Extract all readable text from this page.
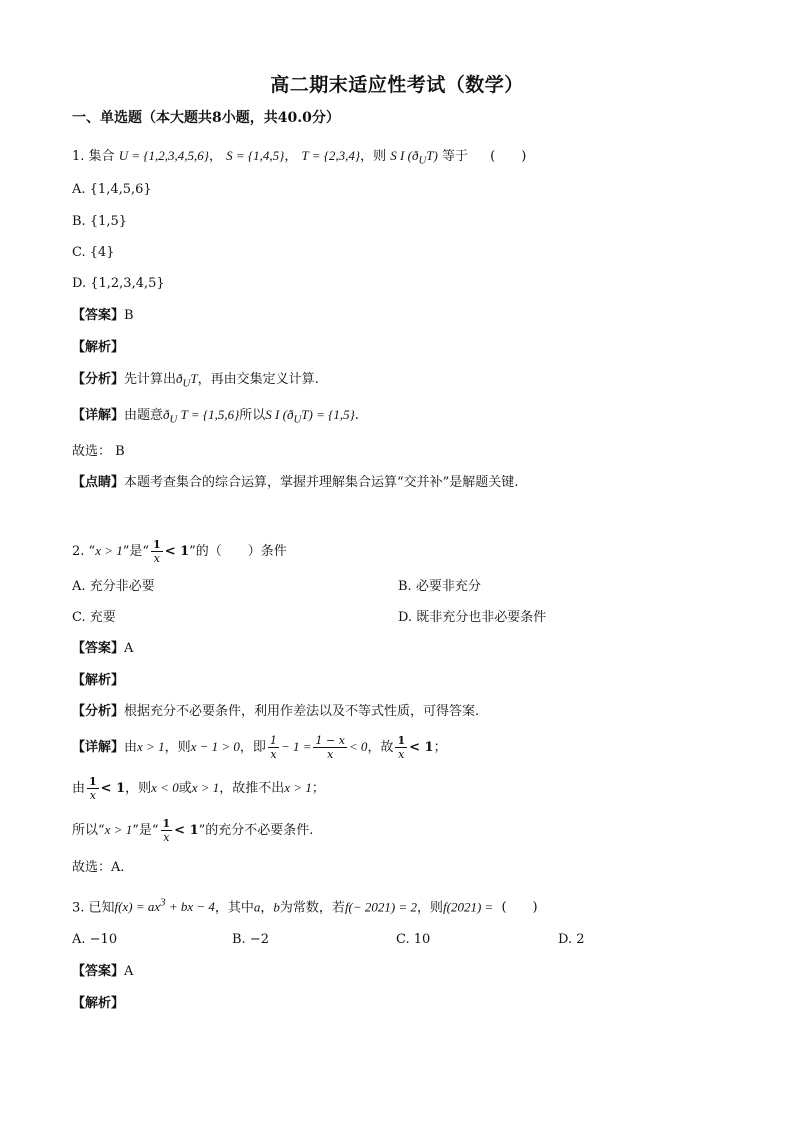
高二期末适应性考试（数学）
一、单选题（本大题共8小题，共40.0分）
1. 集合 U = {1,2,3,4,5,6}， S = {1,4,5}， T = {2,3,4}，则 S I $(ð_UT)$ 等于 (　　)
A. {1,4,5,6}
B. {1,5}
C. {4}
D. {1,2,3,4,5}
【答案】B
【解析】
【分析】先计算出$ð_UT$，再由交集定义计算.
【详解】由题意$ð_U$ T = {1,5,6}所以S I $(ð_UT) = \{1,5\}$.
故选： B
【点睛】本题考查集合的综合运算，掌握并理解集合运算“交并补”是解题关键.
2. “x > 1”是“ $\frac{1}{x} < 1$”的（　　）条件
A. 充分非必要	B. 必要非充分
C. 充要	D. 既非充分也非必要条件
【答案】A
【解析】
【分析】根据充分不必要条件，利用作差法以及不等式性质，可得答案.
【详解】由x > 1，则x − 1 > 0，即 $\frac{1}{x} - 1 = \frac{1 - x}{x} < 0$，故 $\frac{1}{x} < 1$；
由 $\frac{1}{x} < 1$，则x < 0或x > 1，故推不出x > 1；
所以“x > 1”是“ $\frac{1}{x} < 1$”的充分不必要条件.
故选：A.
3. 已知$f(x) = ax^3$ + bx − 4，其中a，b为常数，若f(− 2021) = 2，则f(2021) = (　　)
A. −10	B. −2	C. 10	D. 2
【答案】A
【解析】
